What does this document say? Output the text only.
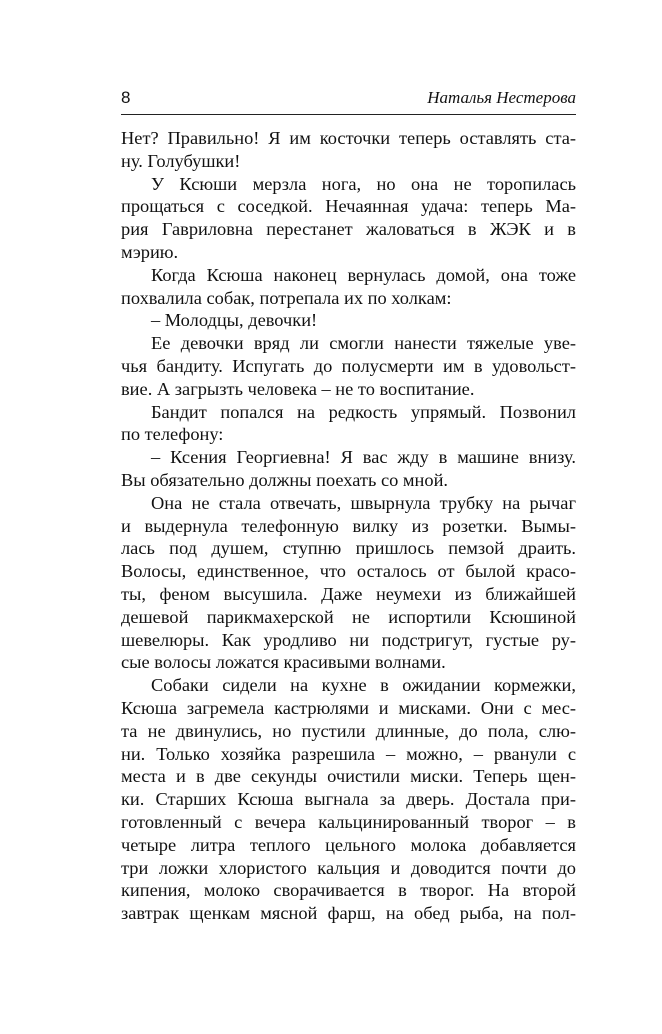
8	Наталья Нестерова
Нет? Правильно! Я им косточки теперь оставлять ста-
ну. Голубушки!
У Ксюши мерзла нога, но она не торопилась
прощаться с соседкой. Нечаянная удача: теперь Ма-
рия Гавриловна перестанет жаловаться в ЖЭК и в
мэрию.
Когда Ксюша наконец вернулась домой, она тоже
похвалила собак, потрепала их по холкам:
– Молодцы, девочки!
Ее девочки вряд ли смогли нанести тяжелые уве-
чья бандиту. Испугать до полусмерти им в удовольст-
вие. А загрызть человека – не то воспитание.
Бандит попался на редкость упрямый. Позвонил
по телефону:
– Ксения Георгиевна! Я вас жду в машине внизу.
Вы обязательно должны поехать со мной.
Она не стала отвечать, швырнула трубку на рычаг
и выдернула телефонную вилку из розетки. Вымы-
лась под душем, ступню пришлось пемзой драить.
Волосы, единственное, что осталось от былой красо-
ты, феном высушила. Даже неумехи из ближайшей
дешевой парикмахерской не испортили Ксюшиной
шевелюры. Как уродливо ни подстригут, густые ру-
сые волосы ложатся красивыми волнами.
Собаки сидели на кухне в ожидании кормежки,
Ксюша загремела кастрюлями и мисками. Они с мес-
та не двинулись, но пустили длинные, до пола, слю-
ни. Только хозяйка разрешила – можно, – рванули с
места и в две секунды очистили миски. Теперь щен-
ки. Старших Ксюша выгнала за дверь. Достала при-
готовленный с вечера кальцинированный творог – в
четыре литра теплого цельного молока добавляется
три ложки хлористого кальция и доводится почти до
кипения, молоко сворачивается в творог. На второй
завтрак щенкам мясной фарш, на обед рыба, на пол-
